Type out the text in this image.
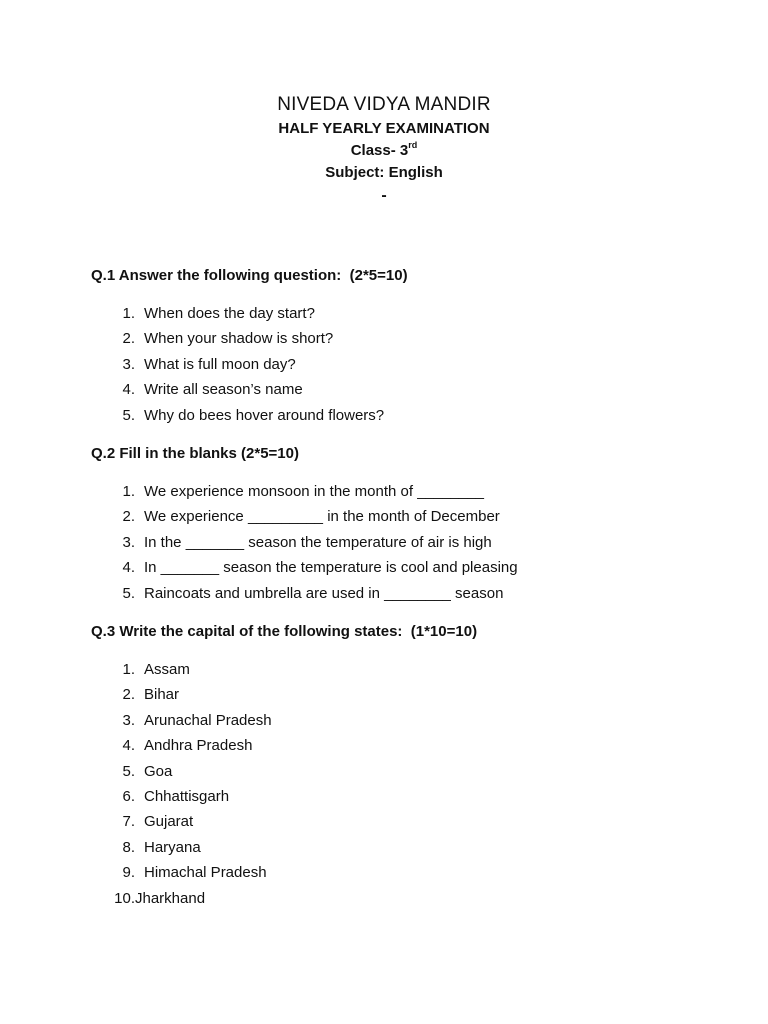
NIVEDA VIDYA MANDIR

HALF YEARLY EXAMINATION

Class- 3rd

Subject: English

-

Q.1 Answer the following question:  (2*5=10)

1. When does the day start?
2. When your shadow is short?
3. What is full moon day?
4. Write all season’s name
5. Why do bees hover around flowers?

Q.2 Fill in the blanks (2*5=10)

1. We experience monsoon in the month of ________
2. We experience _________ in the month of December
3. In the _______ season the temperature of air is high
4. In _______ season the temperature is cool and pleasing
5. Raincoats and umbrella are used in ________ season

Q.3 Write the capital of the following states:  (1*10=10)

1. Assam
2. Bihar
3. Arunachal Pradesh
4. Andhra Pradesh
5. Goa
6. Chhattisgarh
7. Gujarat
8. Haryana
9. Himachal Pradesh
10. Jharkhand
